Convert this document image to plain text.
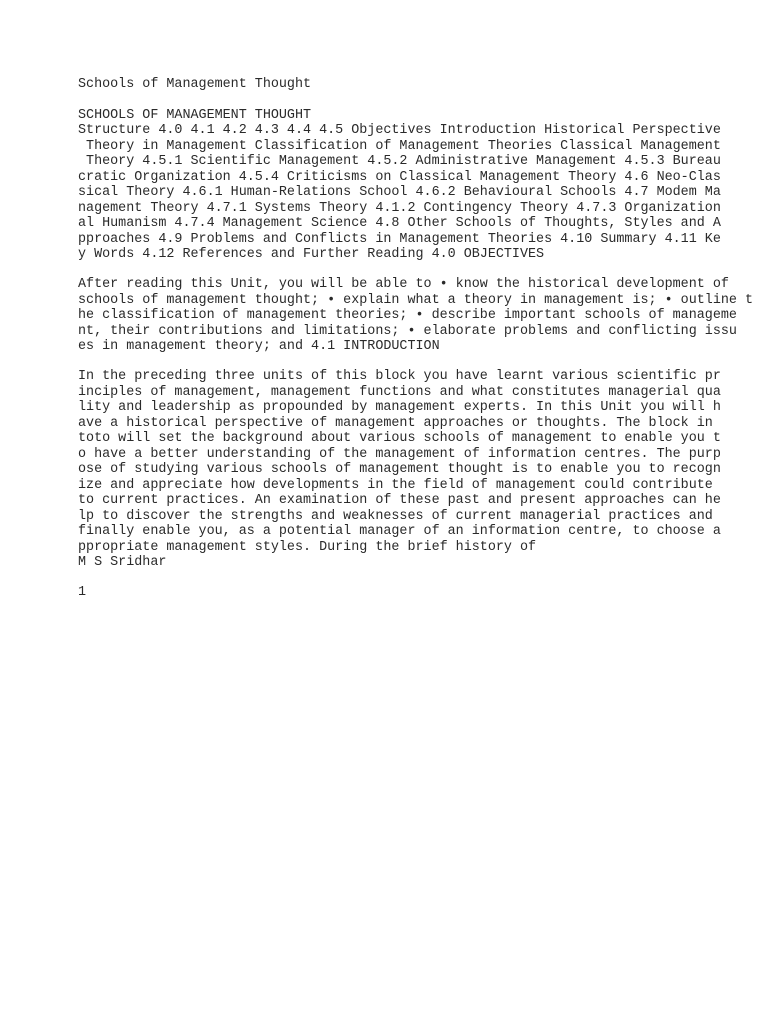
Schools of Management Thought

SCHOOLS OF MANAGEMENT THOUGHT

Structure 4.0 4.1 4.2 4.3 4.4 4.5 Objectives Introduction Historical Perspective

Theory in Management Classification of Management Theories Classical Management

Theory 4.5.1 Scientific Management 4.5.2 Administrative Management 4.5.3 Bureau

cratic Organization 4.5.4 Criticisms on Classical Management Theory 4.6 Neo-Clas

sical Theory 4.6.1 Human-Relations School 4.6.2 Behavioural Schools 4.7 Modem Ma

nagement Theory 4.7.1 Systems Theory 4.1.2 Contingency Theory 4.7.3 Organization

al Humanism 4.7.4 Management Science 4.8 Other Schools of Thoughts, Styles and A

pproaches 4.9 Problems and Conflicts in Management Theories 4.10 Summary 4.11 Ke

y Words 4.12 References and Further Reading 4.0 OBJECTIVES

After reading this Unit, you will be able to • know the historical development of

schools of management thought; • explain what a theory in management is; • outline t

he classification of management theories; • describe important schools of manageme

nt, their contributions and limitations; • elaborate problems and conflicting issu

es in management theory; and 4.1 INTRODUCTION

In the preceding three units of this block you have learnt various scientific pr

inciples of management, management functions and what constitutes managerial qua

lity and leadership as propounded by management experts. In this Unit you will h

ave a historical perspective of management approaches or thoughts. The block in

toto will set the background about various schools of management to enable you t

o have a better understanding of the management of information centres. The purp

ose of studying various schools of management thought is to enable you to recogn

ize and appreciate how developments in the field of management could contribute

to current practices. An examination of these past and present approaches can he

lp to discover the strengths and weaknesses of current managerial practices and

finally enable you, as a potential manager of an information centre, to choose a

ppropriate management styles. During the brief history of

M S Sridhar

1
